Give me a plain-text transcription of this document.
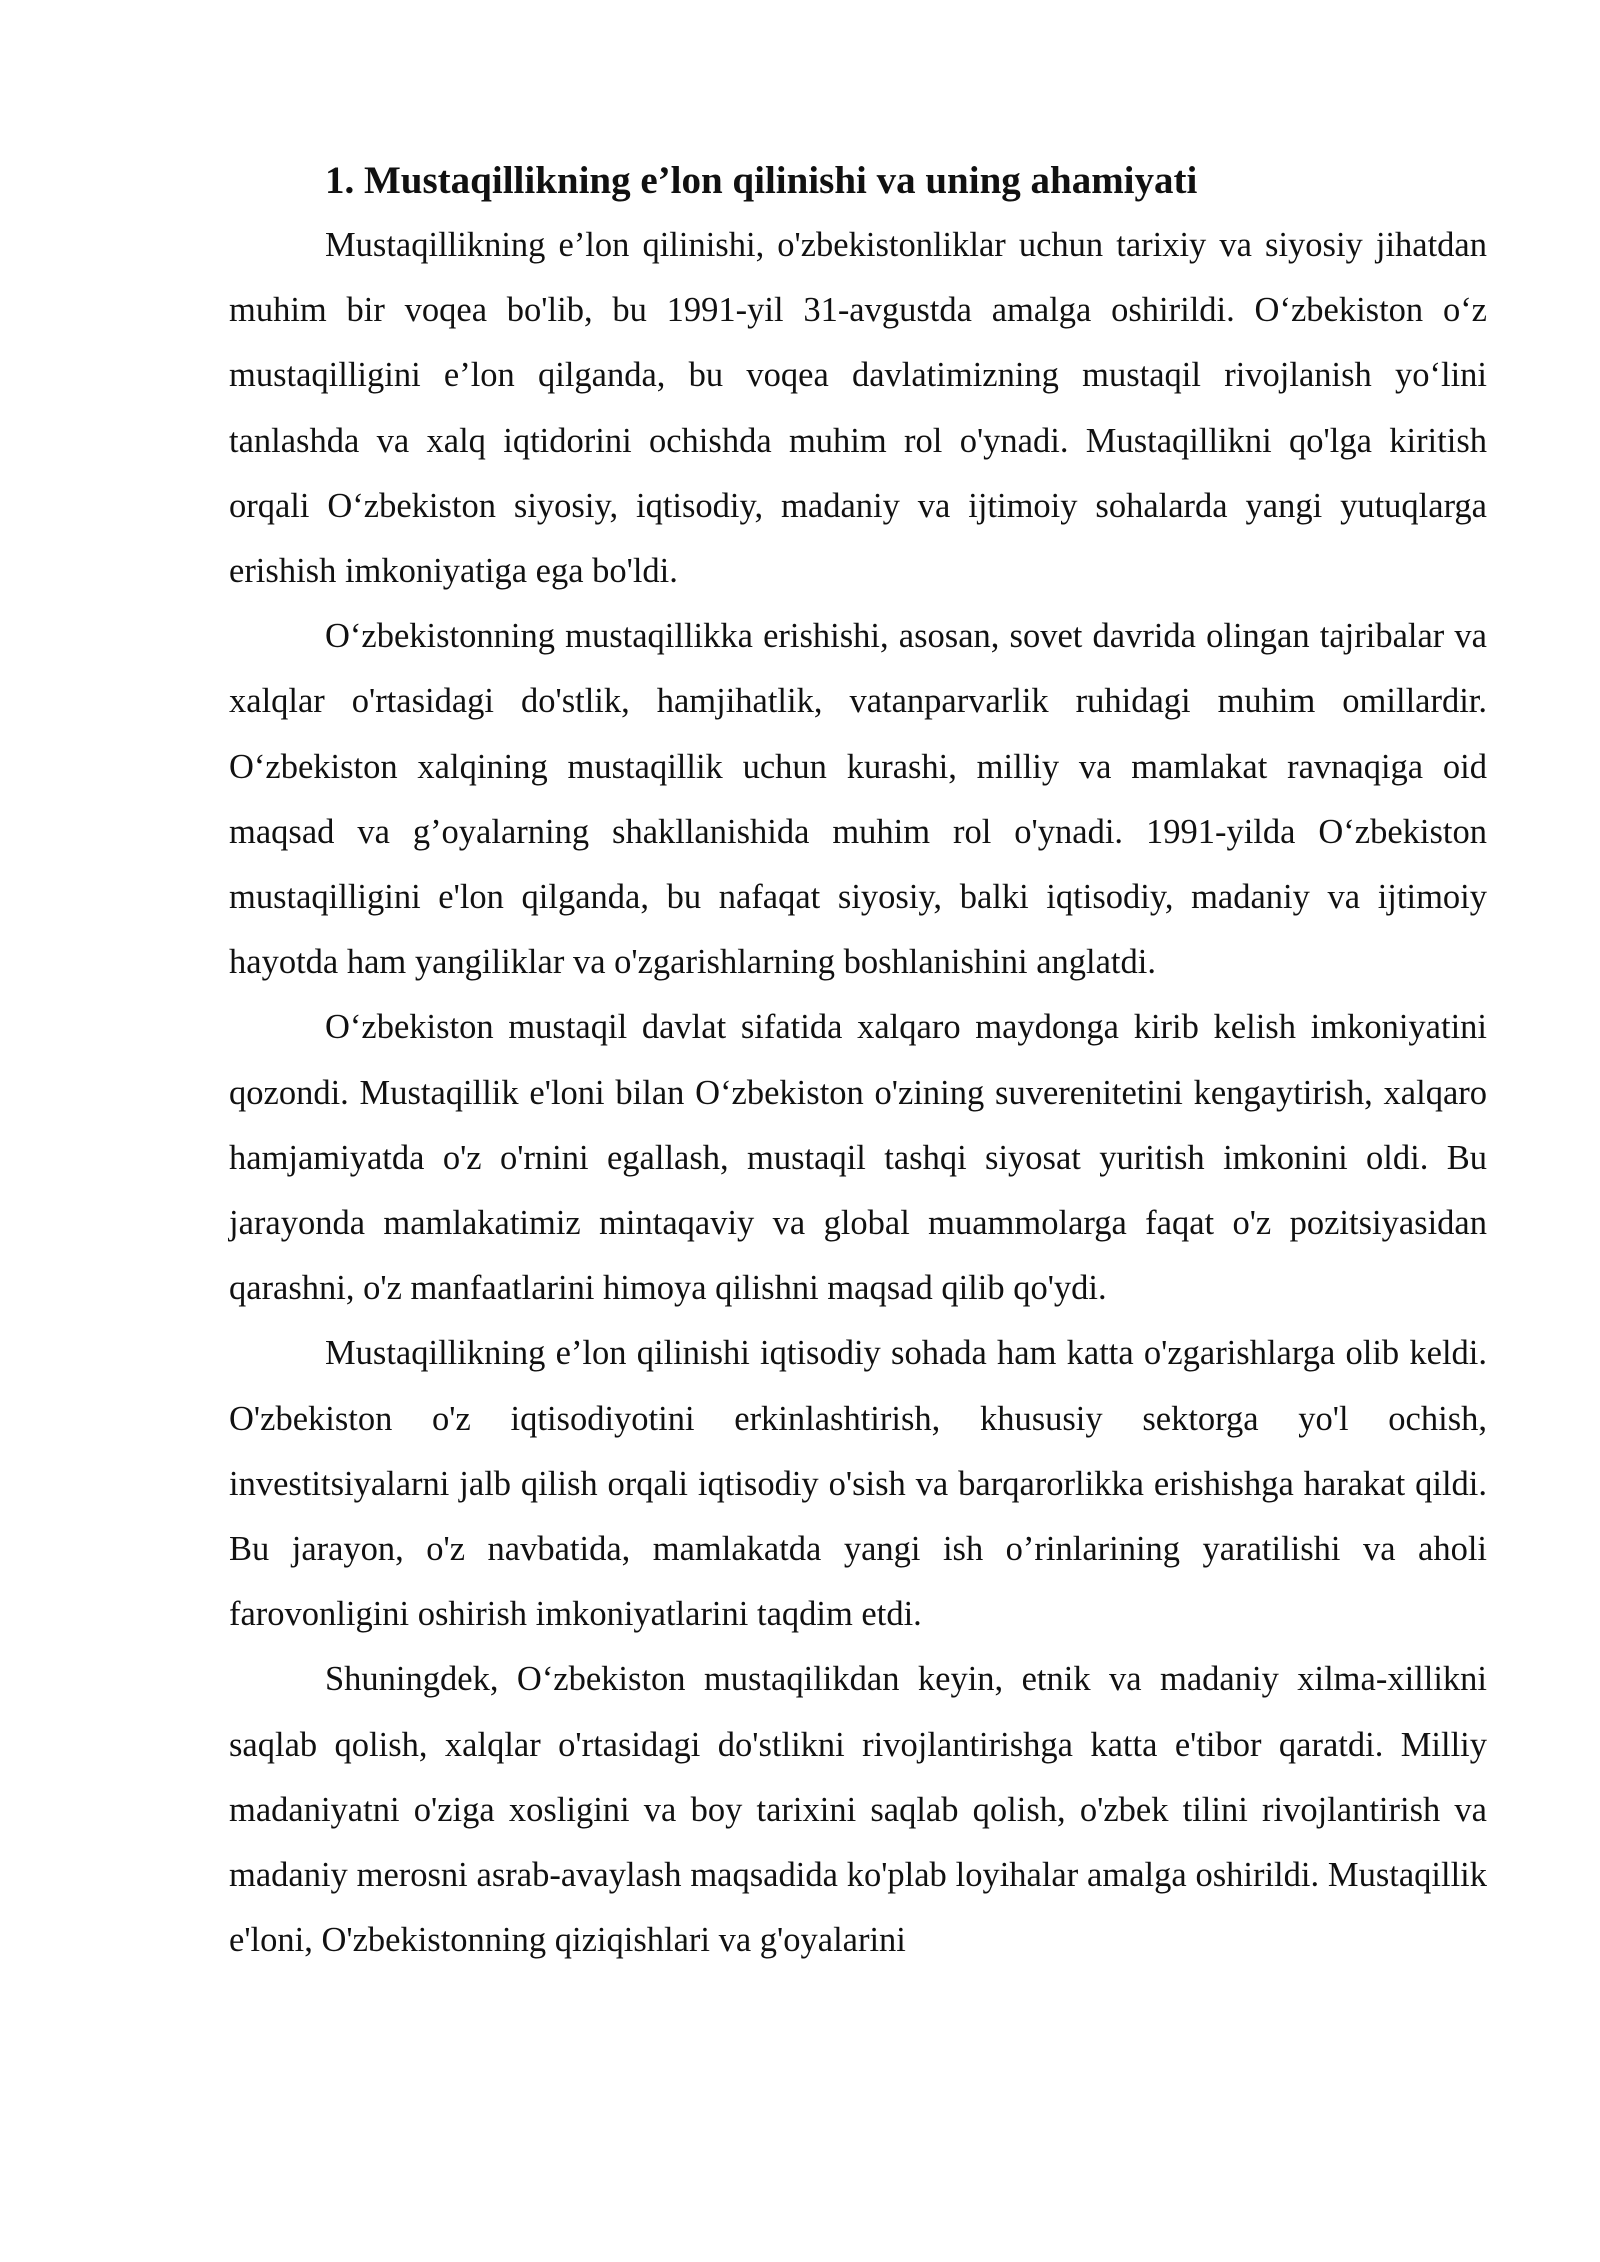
1. Mustaqillikning e’lon qilinishi va uning ahamiyati

Mustaqillikning e’lon qilinishi, o'zbekistonliklar uchun tarixiy va siyosiy jihatdan muhim bir voqea bo'lib, bu 1991-yil 31-avgustda amalga oshirildi. O‘zbekiston o‘z mustaqilligini e’lon qilganda, bu voqea davlatimizning mustaqil rivojlanish yo‘lini tanlashda va xalq iqtidorini ochishda muhim rol o'ynadi. Mustaqillikni qo'lga kiritish orqali O‘zbekiston siyosiy, iqtisodiy, madaniy va ijtimoiy sohalarda yangi yutuqlarga erishish imkoniyatiga ega bo'ldi.

O‘zbekistonning mustaqillikka erishishi, asosan, sovet davrida olingan tajribalar va xalqlar o'rtasidagi do'stlik, hamjihatlik, vatanparvarlik ruhidagi muhim omillardir. O‘zbekiston xalqining mustaqillik uchun kurashi, milliy va mamlakat ravnaqiga oid maqsad va g’oyalarning shakllanishida muhim rol o'ynadi. 1991-yilda O‘zbekiston mustaqilligini e'lon qilganda, bu nafaqat siyosiy, balki iqtisodiy, madaniy va ijtimoiy hayotda ham yangiliklar va o'zgarishlarning boshlanishini anglatdi.

O‘zbekiston mustaqil davlat sifatida xalqaro maydonga kirib kelish imkoniyatini qozondi. Mustaqillik e'loni bilan O‘zbekiston o'zining suverenitetini kengaytirish, xalqaro hamjamiyatda o'z o'rnini egallash, mustaqil tashqi siyosat yuritish imkonini oldi. Bu jarayonda mamlakatimiz mintaqaviy va global muammolarga faqat o'z pozitsiyasidan qarashni, o'z manfaatlarini himoya qilishni maqsad qilib qo'ydi.

Mustaqillikning e’lon qilinishi iqtisodiy sohada ham katta o'zgarishlarga olib keldi. O'zbekiston o'z iqtisodiyotini erkinlashtirish, khususiy sektorga yo'l ochish, investitsiyalarni jalb qilish orqali iqtisodiy o'sish va barqarorlikka erishishga harakat qildi. Bu jarayon, o'z navbatida, mamlakatda yangi ish o’rinlarining yaratilishi va aholi farovonligini oshirish imkoniyatlarini taqdim etdi.

Shuningdek, O‘zbekiston mustaqilikdan keyin, etnik va madaniy xilma-xillikni saqlab qolish, xalqlar o'rtasidagi do'stlikni rivojlantirishga katta e'tibor qaratdi. Milliy madaniyatni o'ziga xosligini va boy tarixini saqlab qolish, o'zbek tilini rivojlantirish va madaniy merosni asrab-avaylash maqsadida ko'plab loyihalar amalga oshirildi. Mustaqillik e'loni, O'zbekistonning qiziqishlari va g'oyalarini
